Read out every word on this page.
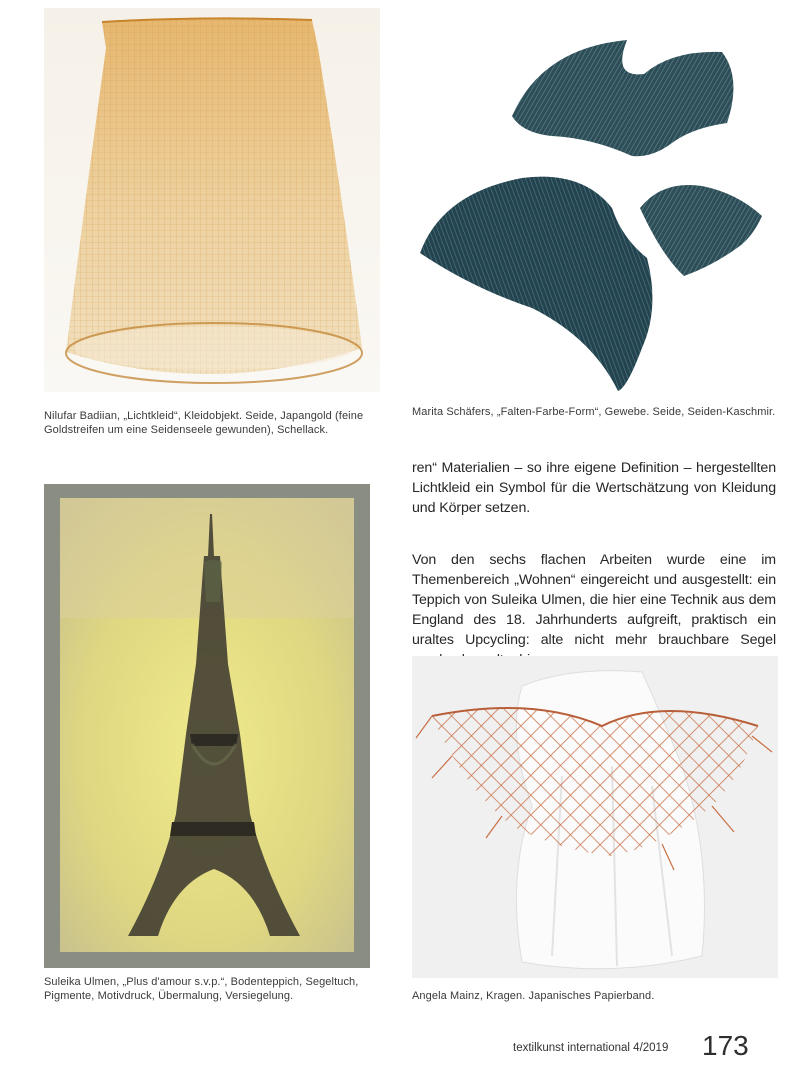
Nilufar Badiian, „Lichtkleid“, Kleidobjekt. Seide, Japangold (feine Goldstreifen um eine Seidenseele gewunden), Schellack.
Marita Schäfers, „Falten-Farbe-Form“, Gewebe. Seide, Seiden-Kaschmir.
ren“ Materialien – so ihre eigene Definition – hergestellten Lichtkleid ein Symbol für die Wertschätzung von Kleidung und Körper setzen.
Von den sechs flachen Arbeiten wurde eine im Themenbereich „Wohnen“ eingereicht und ausgestellt: ein Teppich von Suleika Ulmen, die hier eine Technik aus dem England des 18. Jahrhunderts aufgreift, praktisch ein uraltes Upcycling: alte nicht mehr brauchbare Segel
Suleika Ulmen, „Plus d'amour s.v.p.“, Bodenteppich, Segeltuch, Pigmente, Motivdruck, Übermalung, Versiegelung.	Angela Mainz, Kragen. Japanisches Papierband.
textilkunst international 4/2019 173
